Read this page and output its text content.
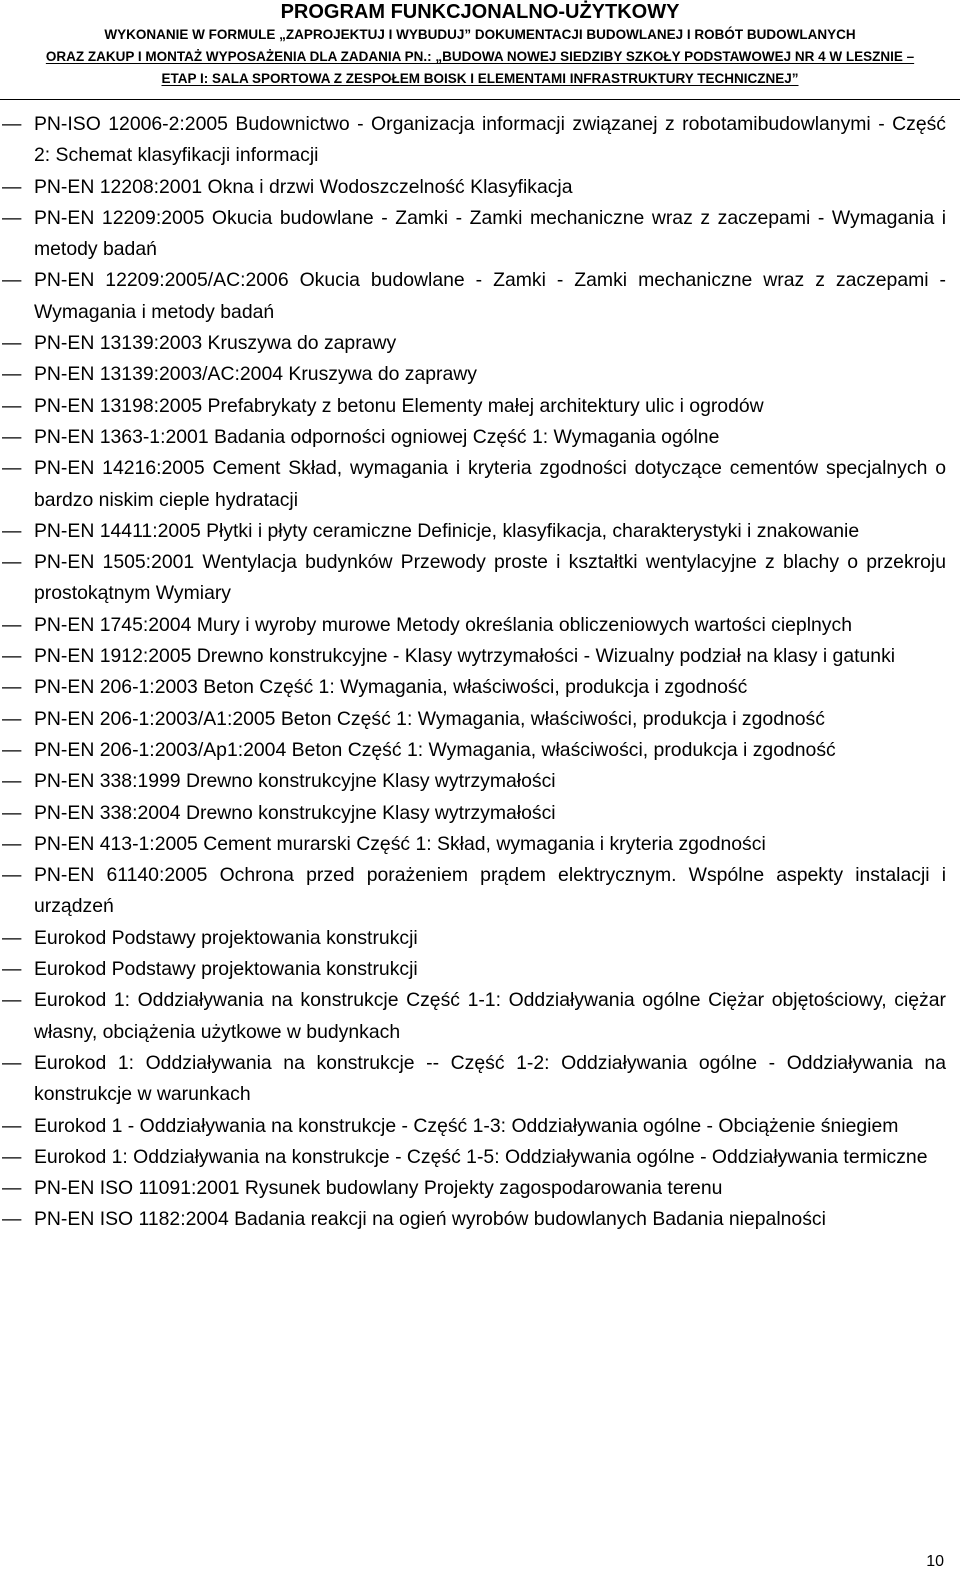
PROGRAM FUNKCJONALNO-UŻYTKOWY
WYKONANIE W FORMULE „ZAPROJEKTUJ I WYBUDUJ” DOKUMENTACJI BUDOWLANEJ I ROBÓT BUDOWLANYCH
ORAZ ZAKUP I MONTAŻ WYPOSAŻENIA DLA ZADANIA PN.: „BUDOWA NOWEJ SIEDZIBY SZKOŁY PODSTAWOWEJ NR 4 W LESZNIE –
ETAP I: SALA SPORTOWA Z ZESPOŁEM BOISK I ELEMENTAMI INFRASTRUKTURY TECHNICZNEJ”
— PN-ISO 12006-2:2005 Budownictwo - Organizacja informacji związanej z robotamibudowlanymi - Część 2: Schemat klasyfikacji informacji
— PN-EN 12208:2001 Okna i drzwi Wodoszczelność Klasyfikacja
— PN-EN 12209:2005 Okucia budowlane - Zamki - Zamki mechaniczne wraz z zaczepami - Wymagania i metody badań
— PN-EN 12209:2005/AC:2006 Okucia budowlane - Zamki - Zamki mechaniczne wraz z zaczepami - Wymagania i metody badań
— PN-EN 13139:2003 Kruszywa do zaprawy
— PN-EN 13139:2003/AC:2004 Kruszywa do zaprawy
— PN-EN 13198:2005 Prefabrykaty z betonu Elementy małej architektury ulic i ogrodów
— PN-EN 1363-1:2001 Badania odporności ogniowej Część 1: Wymagania ogólne
— PN-EN 14216:2005 Cement Skład, wymagania i kryteria zgodności dotyczące cementów specjalnych o bardzo niskim cieple hydratacji
— PN-EN 14411:2005 Płytki i płyty ceramiczne Definicje, klasyfikacja, charakterystyki i znakowanie
— PN-EN 1505:2001 Wentylacja budynków Przewody proste i kształtki wentylacyjne z blachy o przekroju prostokątnym Wymiary
— PN-EN 1745:2004 Mury i wyroby murowe Metody określania obliczeniowych wartości cieplnych
— PN-EN 1912:2005 Drewno konstrukcyjne - Klasy wytrzymałości - Wizualny podział na klasy i gatunki
— PN-EN 206-1:2003 Beton Część 1: Wymagania, właściwości, produkcja i zgodność
— PN-EN 206-1:2003/A1:2005 Beton Część 1: Wymagania, właściwości, produkcja i zgodność
— PN-EN 206-1:2003/Ap1:2004 Beton Część 1: Wymagania, właściwości, produkcja i zgodność
— PN-EN 338:1999 Drewno konstrukcyjne Klasy wytrzymałości
— PN-EN 338:2004 Drewno konstrukcyjne Klasy wytrzymałości
— PN-EN 413-1:2005 Cement murarski Część 1: Skład, wymagania i kryteria zgodności
— PN-EN 61140:2005 Ochrona przed porażeniem prądem elektrycznym. Wspólne aspekty instalacji i urządzeń
— Eurokod Podstawy projektowania konstrukcji
— Eurokod Podstawy projektowania konstrukcji
— Eurokod 1: Oddziaływania na konstrukcje Część 1-1: Oddziaływania ogólne Ciężar objętościowy, ciężar własny, obciążenia użytkowe w budynkach
— Eurokod 1: Oddziaływania na konstrukcje -- Część 1-2: Oddziaływania ogólne - Oddziaływania na konstrukcje w warunkach
— Eurokod 1 - Oddziaływania na konstrukcje - Część 1-3: Oddziaływania ogólne - Obciążenie śniegiem
— Eurokod 1: Oddziaływania na konstrukcje - Część 1-5: Oddziaływania ogólne - Oddziaływania termiczne
— PN-EN ISO 11091:2001 Rysunek budowlany Projekty zagospodarowania terenu
— PN-EN ISO 1182:2004 Badania reakcji na ogień wyrobów budowlanych Badania niepalności
10
